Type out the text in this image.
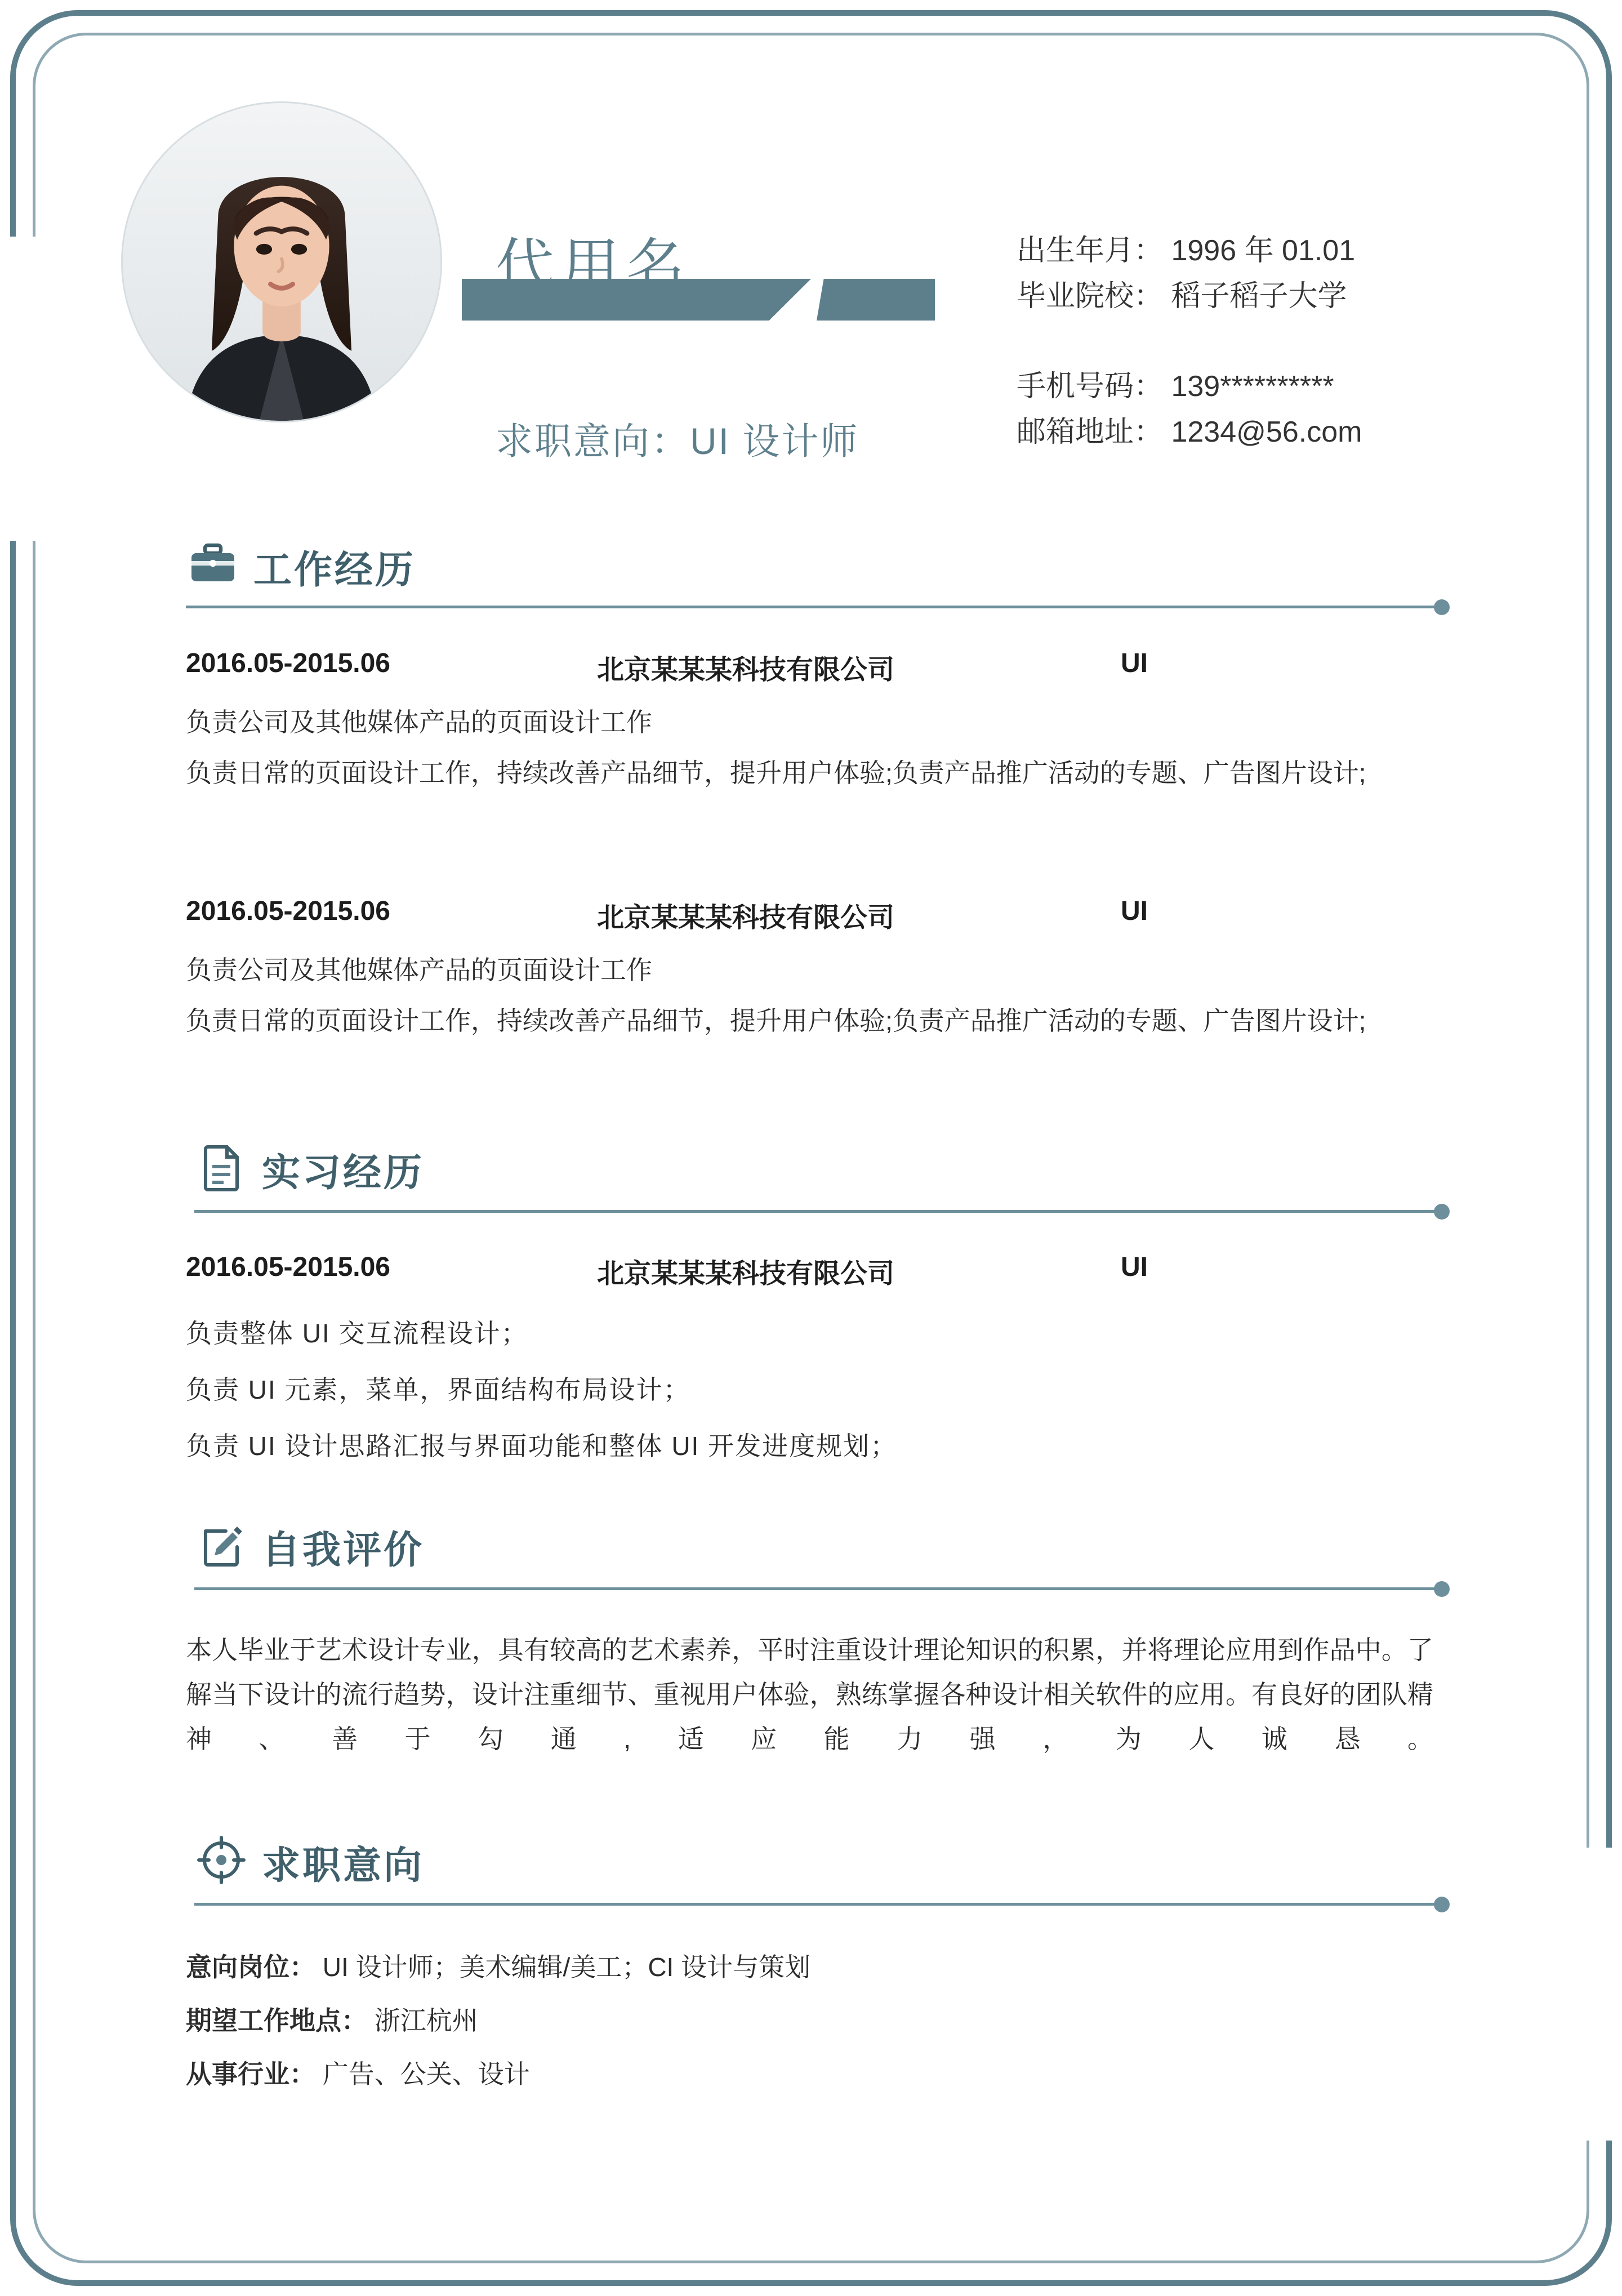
代用名
求职意向：UI 设计师
出生年月： 1996 年 01.01
毕业院校： 稻子稻子大学
手机号码： 139**********
邮箱地址： 1234@56.com
工作经历
2016.05-2015.06	北京某某某科技有限公司	UI
负责公司及其他媒体产品的页面设计工作
负责日常的页面设计工作，持续改善产品细节，提升用户体验;负责产品推广活动的专题、广告图片设计;
2016.05-2015.06	北京某某某科技有限公司	UI
负责公司及其他媒体产品的页面设计工作
负责日常的页面设计工作，持续改善产品细节，提升用户体验;负责产品推广活动的专题、广告图片设计;
实习经历
2016.05-2015.06	北京某某某科技有限公司	UI
负责整体 UI 交互流程设计；
负责 UI 元素，菜单，界面结构布局设计；
负责 UI 设计思路汇报与界面功能和整体 UI 开发进度规划；
自我评价
本人毕业于艺术设计专业，具有较高的艺术素养，平时注重设计理论知识的积累，并将理论应用到作品中。了解当下设计的流行趋势，设计注重细节、重视用户体验，熟练掌握各种设计相关软件的应用。有良好的团队精神、善于勾通,适应能力强，为人诚恳。
求职意向
意向岗位： UI 设计师；美术编辑/美工；CI 设计与策划
期望工作地点： 浙江杭州
从事行业： 广告、公关、设计
